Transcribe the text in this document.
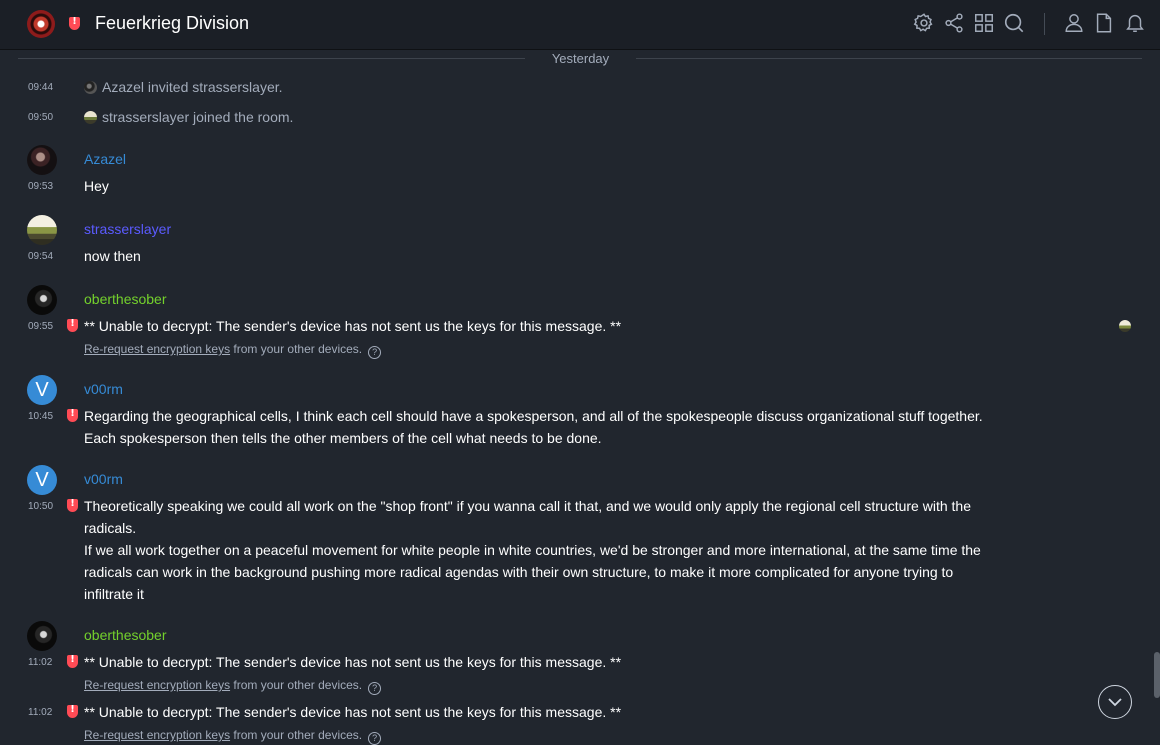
!
Feuerkrieg Division
Yesterday
09:44	Azazel invited strasserslayer.
09:50	strasserslayer joined the room.
Azazel
09:53	Hey
strasserslayer
09:54	now then
oberthesober
09:55 !	** Unable to decrypt: The sender's device has not sent us the keys for this message. **
Re-request encryption keys from your other devices. ?
V	v00rm
10:45 !	Regarding the geographical cells, I think each cell should have a spokesperson, and all of the spokespeople discuss organizational stuff together.
Each spokesperson then tells the other members of the cell what needs to be done.
V	v00rm
10:50 !	Theoretically speaking we could all work on the "shop front" if you wanna call it that, and we would only apply the regional cell structure with the
radicals.
If we all work together on a peaceful movement for white people in white countries, we'd be stronger and more international, at the same time the
radicals can work in the background pushing more radical agendas with their own structure, to make it more complicated for anyone trying to
infiltrate it
oberthesober
11:02 !	** Unable to decrypt: The sender's device has not sent us the keys for this message. **
Re-request encryption keys from your other devices. ?
11:02 !	** Unable to decrypt: The sender's device has not sent us the keys for this message. **
Re-request encryption keys from your other devices. ?
